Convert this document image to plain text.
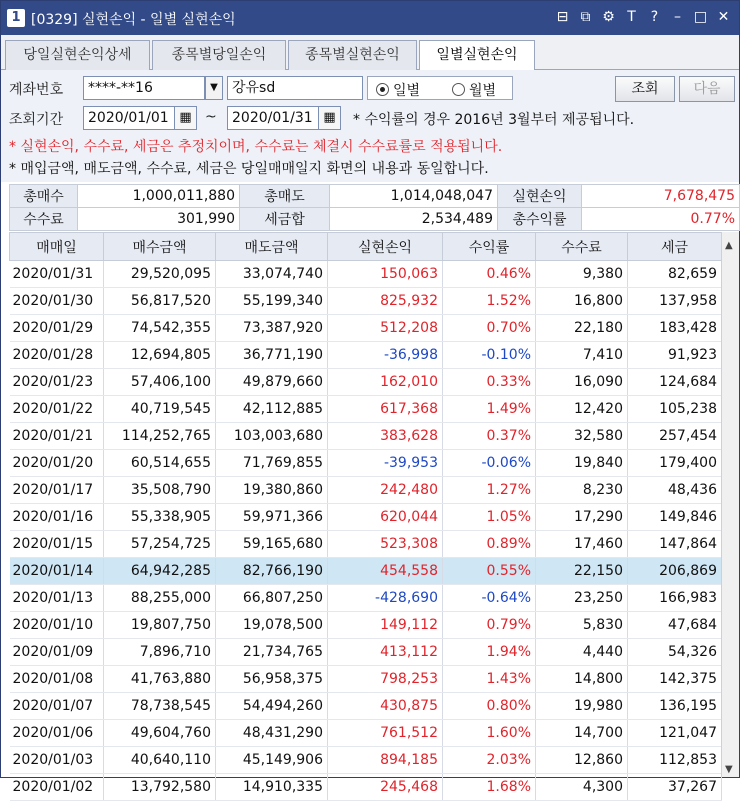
1 [0329] 실현손익 - 일별 실현손익	⊟ ⧉ ⚙ T	?	– □ ✕
당일실현손익상세	종목별당일손익	종목별실현손익	일별실현손익
계좌번호	****-**16	▼	강유sd	일별	월별	조회	다음
조회기간	2020/01/01 ▦ ~	2020/01/31 ▦	* 수익률의 경우 2016년 3월부터 제공됩니다.
* 실현손익, 수수료, 세금은 추정치이며, 수수료는 체결시 수수료률로 적용됩니다.
* 매입금액, 매도금액, 수수료, 세금은 당일매매일지 화면의 내용과 동일합니다.
총매수	1,000,011,880	총매도	1,014,048,047	실현손익	7,678,475
수수료	301,990	세금합	2,534,489	총수익률	0.77%
매매일	매수금액	매도금액	실현손익	수익률	수수료	세금
2020/01/31	29,520,095	33,074,740	150,063	0.46%	9,380	82,659
2020/01/30	56,817,520	55,199,340	825,932	1.52%	16,800	137,958
2020/01/29	74,542,355	73,387,920	512,208	0.70%	22,180	183,428
2020/01/28	12,694,805	36,771,190	-36,998	-0.10%	7,410	91,923
2020/01/23	57,406,100	49,879,660	162,010	0.33%	16,090	124,684
2020/01/22	40,719,545	42,112,885	617,368	1.49%	12,420	105,238
2020/01/21	114,252,765	103,003,680	383,628	0.37%	32,580	257,454
2020/01/20	60,514,655	71,769,855	-39,953	-0.06%	19,840	179,400
2020/01/17	35,508,790	19,380,860	242,480	1.27%	8,230	48,436
2020/01/16	55,338,905	59,971,366	620,044	1.05%	17,290	149,846
2020/01/15	57,254,725	59,165,680	523,308	0.89%	17,460	147,864
2020/01/14	64,942,285	82,766,190	454,558	0.55%	22,150	206,869
2020/01/13	88,255,000	66,807,250	-428,690	-0.64%	23,250	166,983
2020/01/10	19,807,750	19,078,500	149,112	0.79%	5,830	47,684
2020/01/09	7,896,710	21,734,765	413,112	1.94%	4,440	54,326
2020/01/08	41,763,880	56,958,375	798,253	1.43%	14,800	142,375
2020/01/07	78,738,545	54,494,260	430,875	0.80%	19,980	136,195
2020/01/06	49,604,760	48,431,290	761,512	1.60%	14,700	121,047
2020/01/03	40,640,110	45,149,906	894,185	2.03%	12,860	112,853
2020/01/02	13,792,580	14,910,335	245,468	1.68%	4,300	37,267
▲
▼
